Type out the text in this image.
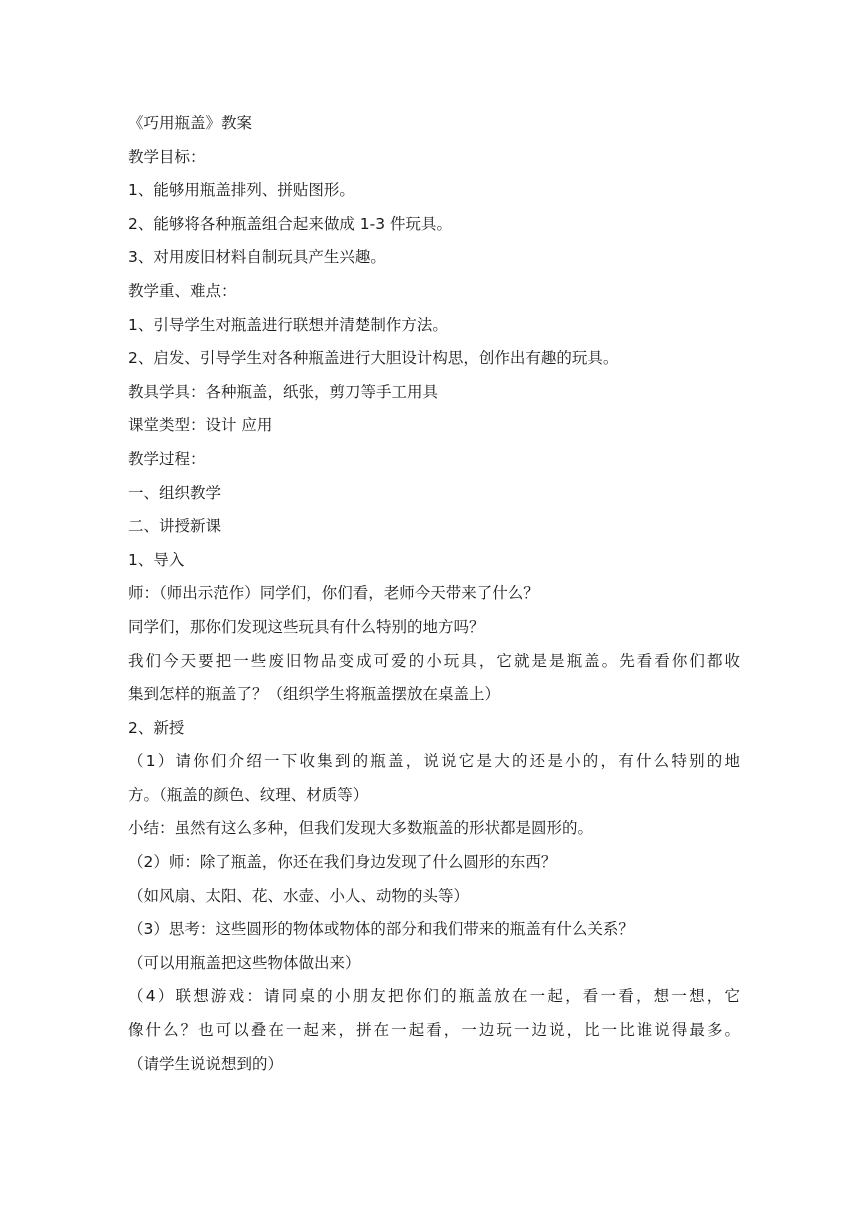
《巧用瓶盖》教案
教学目标：
1、能够用瓶盖排列、拼贴图形。
2、能够将各种瓶盖组合起来做成 1-3 件玩具。
3、对用废旧材料自制玩具产生兴趣。
教学重、难点：
1、引导学生对瓶盖进行联想并清楚制作方法。
2、启发、引导学生对各种瓶盖进行大胆设计构思，创作出有趣的玩具。
教具学具：各种瓶盖，纸张，剪刀等手工用具
课堂类型：设计 应用
教学过程：
一、组织教学
二、讲授新课
1、导入
师：（师出示范作）同学们，你们看，老师今天带来了什么？
同学们，那你们发现这些玩具有什么特别的地方吗？
我们今天要把一些废旧物品变成可爱的小玩具，它就是是瓶盖。先看看你们都收
集到怎样的瓶盖了？（组织学生将瓶盖摆放在桌盖上）
2、新授
（1）请你们介绍一下收集到的瓶盖，说说它是大的还是小的，有什么特别的地
方。（瓶盖的颜色、纹理、材质等）
小结：虽然有这么多种，但我们发现大多数瓶盖的形状都是圆形的。
（2）师：除了瓶盖，你还在我们身边发现了什么圆形的东西？
（如风扇、太阳、花、水壶、小人、动物的头等）
（3）思考：这些圆形的物体或物体的部分和我们带来的瓶盖有什么关系？
（可以用瓶盖把这些物体做出来）
（4）联想游戏：请同桌的小朋友把你们的瓶盖放在一起，看一看，想一想，它
像什么？也可以叠在一起来，拼在一起看，一边玩一边说，比一比谁说得最多。
（请学生说说想到的）
